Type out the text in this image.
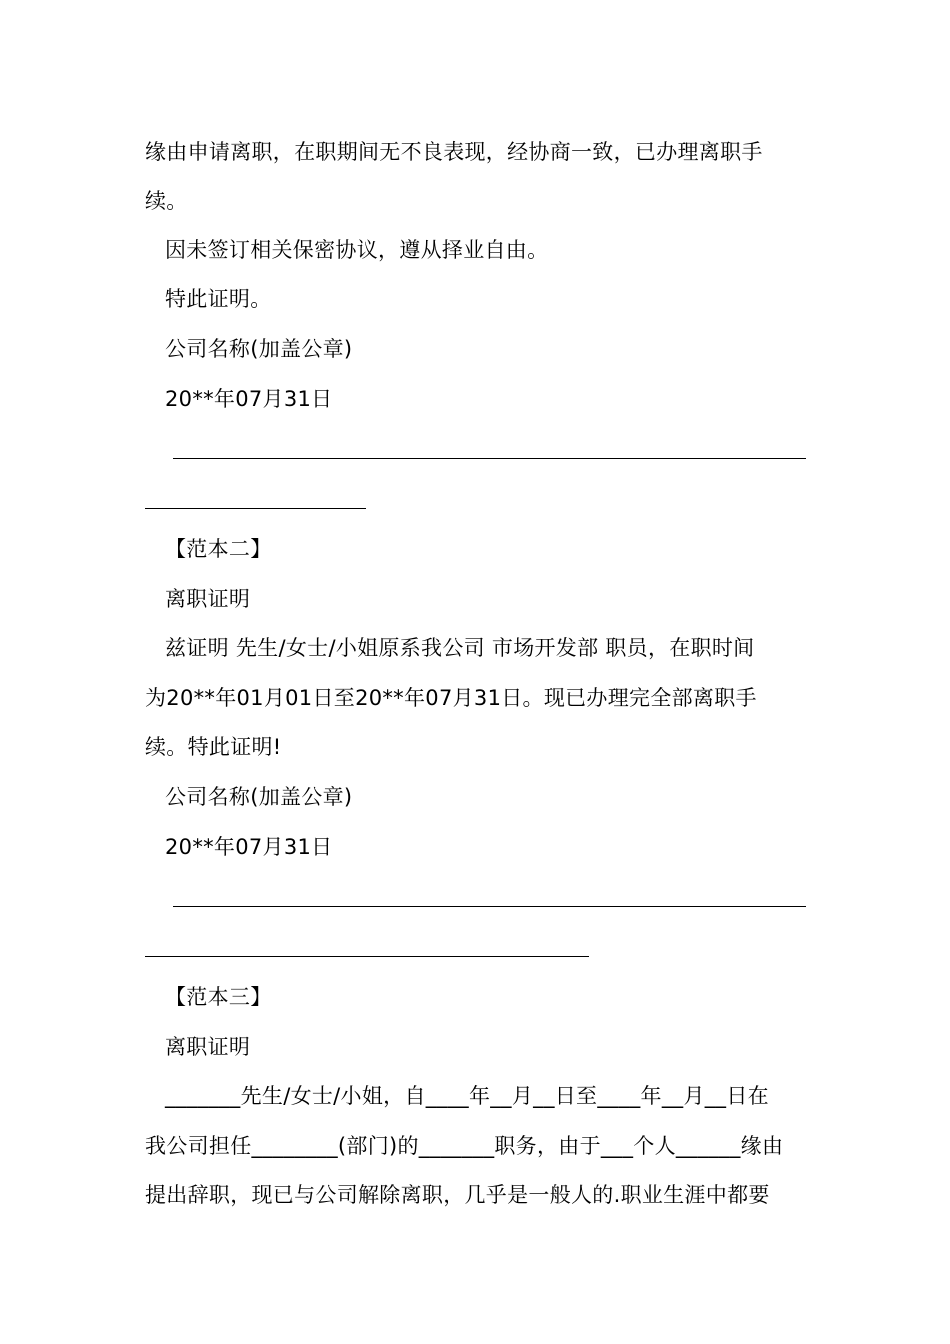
缘由申请离职，在职期间无不良表现，经协商一致，已办理离职手
续。
因未签订相关保密协议，遵从择业自由。
特此证明。
公司名称(加盖公章)
20**年07月31日
【范本二】
离职证明
兹证明 先生/女士/小姐原系我公司 市场开发部 职员，在职时间
为20**年01月01日至20**年07月31日。现已办理完全部离职手
续。特此证明!
公司名称(加盖公章)
20**年07月31日
【范本三】
离职证明
_______先生/女士/小姐，自____年__月__日至____年__月__日在
我公司担任________(部门)的_______职务，由于___个人______缘由
提出辞职，现已与公司解除离职，几乎是一般人的.职业生涯中都要
